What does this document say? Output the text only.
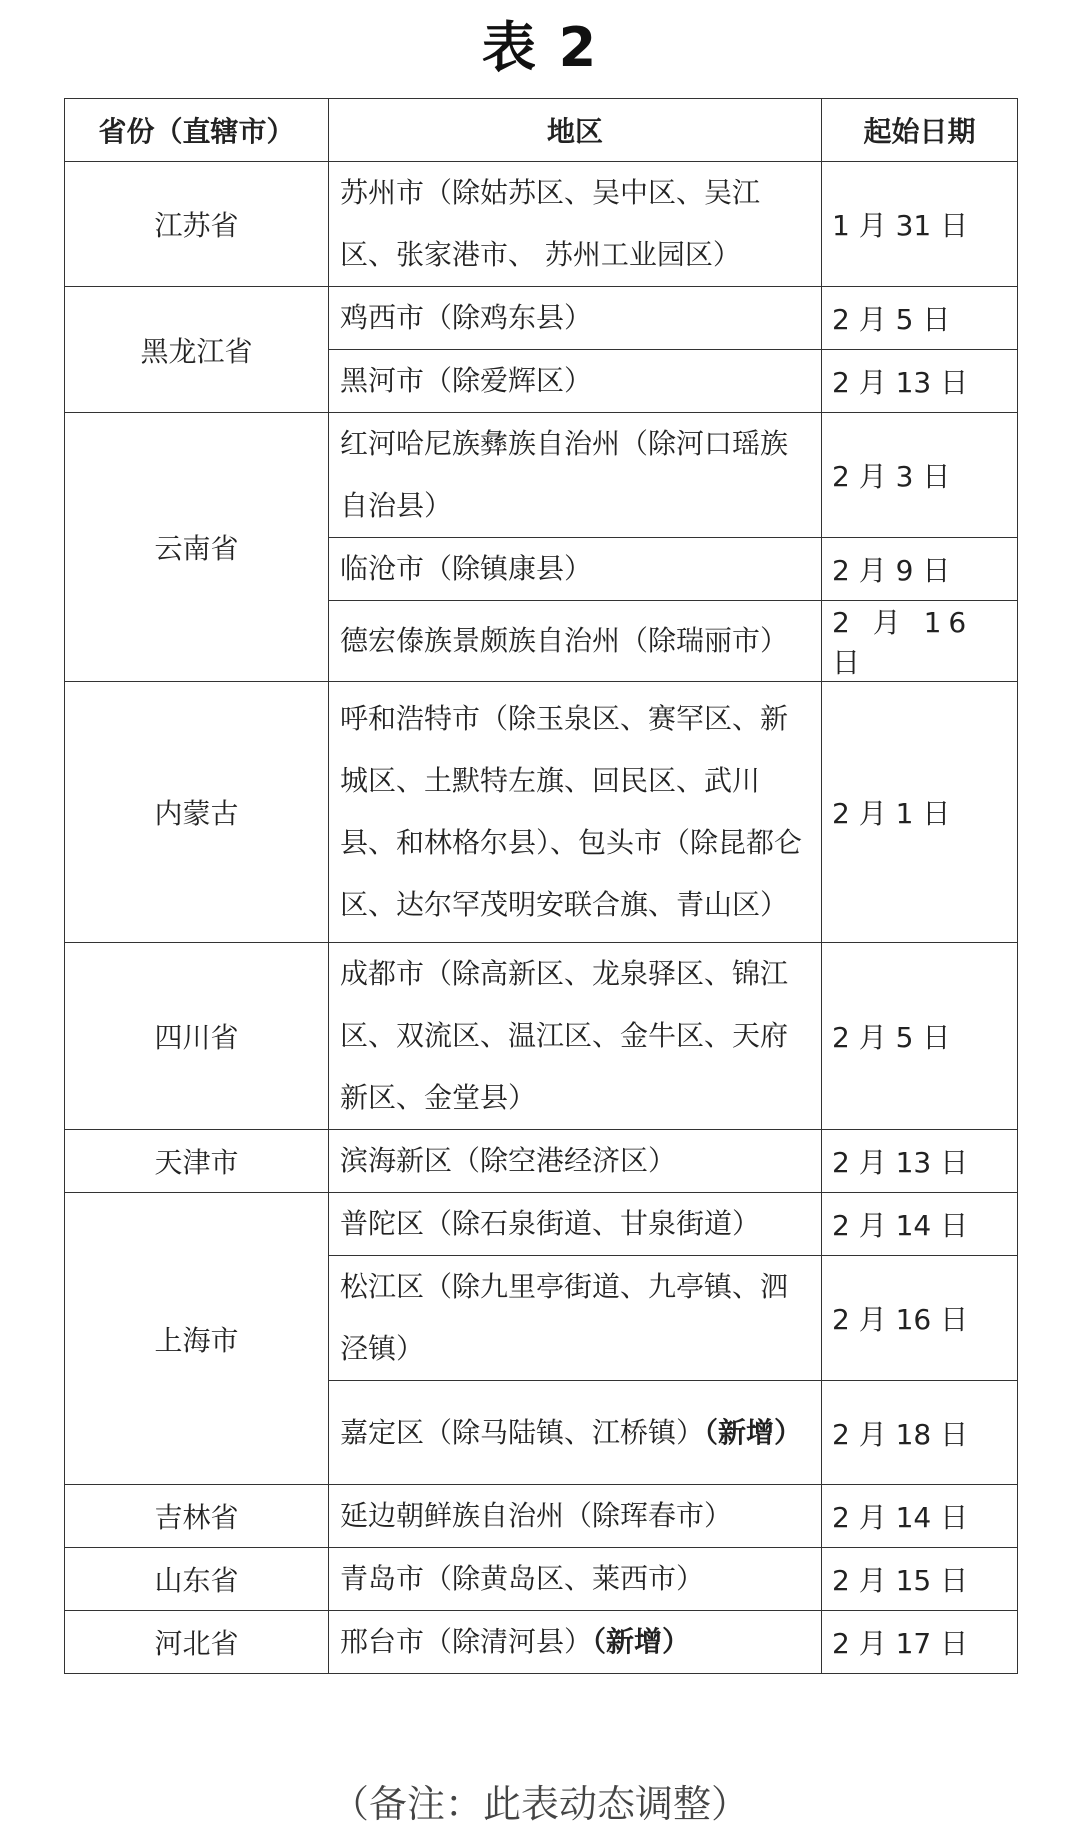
表 2
省份（直辖市）	地区	起始日期
江苏省	苏州市（除姑苏区、吴中区、吴江区、张家港市、 苏州工业园区）	1 月 31 日
黑龙江省	鸡西市（除鸡东县）	2 月 5 日
	黑河市（除爱辉区）	2 月 13 日
云南省	红河哈尼族彝族自治州（除河口瑶族自治县）	2 月 3 日
	临沧市（除镇康县）	2 月 9 日
	德宏傣族景颇族自治州（除瑞丽市）	2 月 16 日
内蒙古	呼和浩特市（除玉泉区、赛罕区、新城区、土默特左旗、回民区、武川县、和林格尔县）、包头市（除昆都仑区、达尔罕茂明安联合旗、青山区）	2 月 1 日
四川省	成都市（除高新区、龙泉驿区、锦江区、双流区、温江区、金牛区、天府新区、金堂县）	2 月 5 日
天津市	滨海新区（除空港经济区）	2 月 13 日
上海市	普陀区（除石泉街道、甘泉街道）	2 月 14 日
	松江区（除九里亭街道、九亭镇、泗泾镇）	2 月 16 日
	嘉定区（除马陆镇、江桥镇）（新增）	2 月 18 日
吉林省	延边朝鲜族自治州（除珲春市）	2 月 14 日
山东省	青岛市（除黄岛区、莱西市）	2 月 15 日
河北省	邢台市（除清河县）（新增）	2 月 17 日
（备注：此表动态调整）
